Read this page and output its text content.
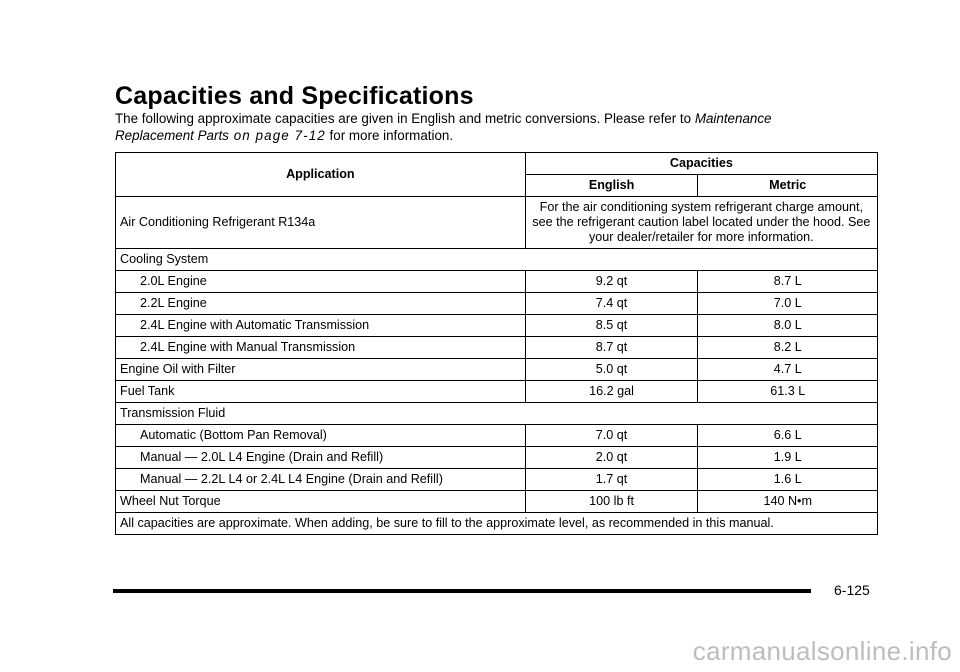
Capacities and Specifications
The following approximate capacities are given in English and metric conversions. Please refer to Maintenance Replacement Parts on page 7-12 for more information.
Application	Capacities	
	English	Metric
Air Conditioning Refrigerant R134a	For the air conditioning system refrigerant charge amount, see the refrigerant caution label located under the hood. See your dealer/retailer for more information.	
Cooling System		
2.0L Engine	9.2 qt	8.7 L
2.2L Engine	7.4 qt	7.0 L
2.4L Engine with Automatic Transmission	8.5 qt	8.0 L
2.4L Engine with Manual Transmission	8.7 qt	8.2 L
Engine Oil with Filter	5.0 qt	4.7 L
Fuel Tank	16.2 gal	61.3 L
Transmission Fluid		
Automatic (Bottom Pan Removal)	7.0 qt	6.6 L
Manual — 2.0L L4 Engine (Drain and Refill)	2.0 qt	1.9 L
Manual — 2.2L L4 or 2.4L L4 Engine (Drain and Refill)	1.7 qt	1.6 L
Wheel Nut Torque	100 lb ft	140 N•m
All capacities are approximate. When adding, be sure to fill to the approximate level, as recommended in this manual.		
6-125
carmanualsonline.info
